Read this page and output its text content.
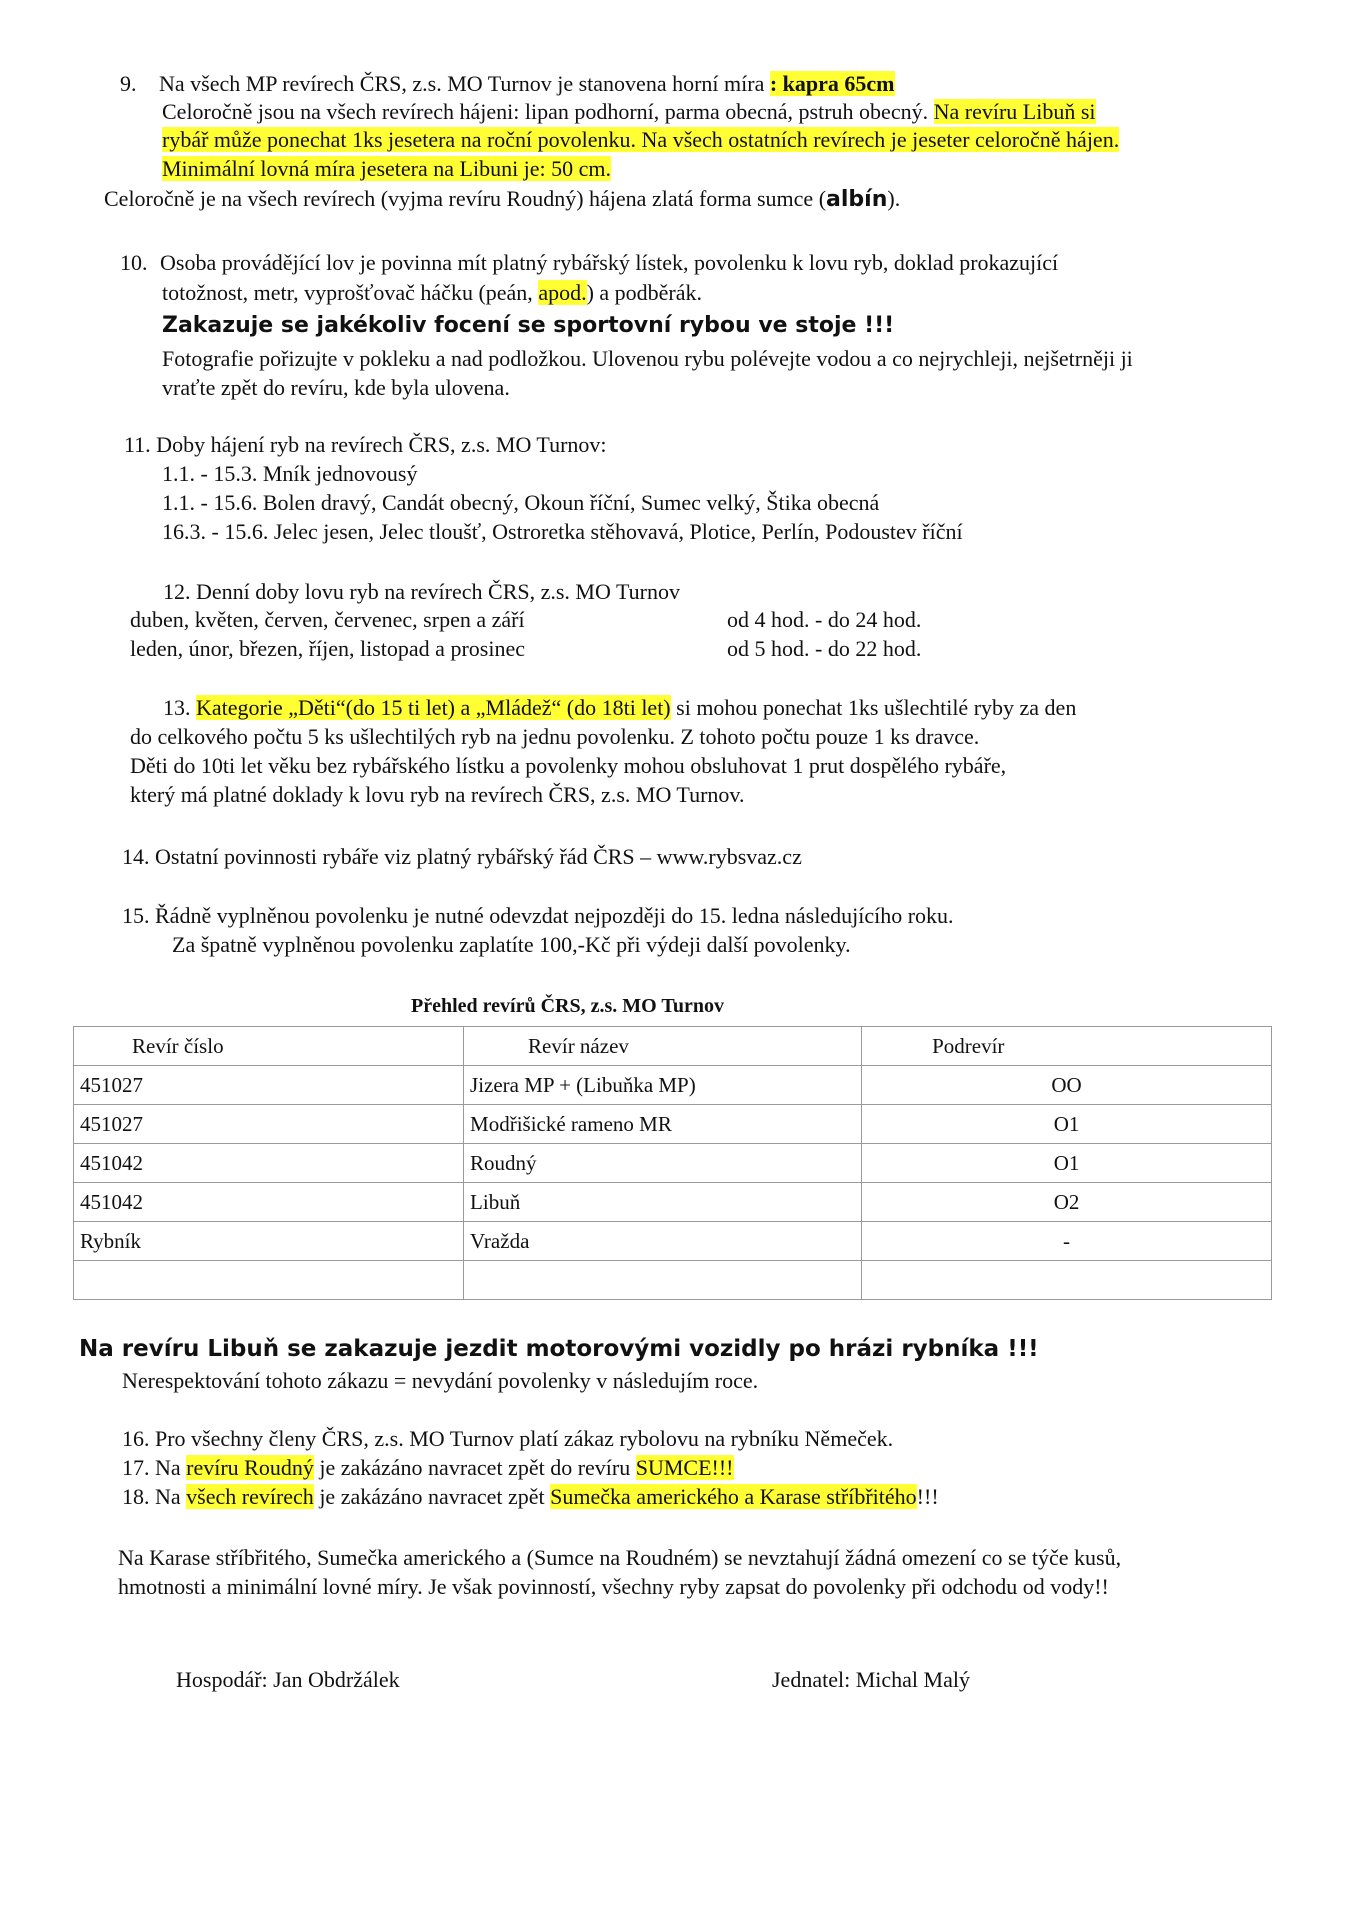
9. Na všech MP revírech ČRS, z.s. MO Turnov je stanovena horní míra : kapra 65cm
Celoročně jsou na všech revírech hájeni: lipan podhorní, parma obecná, pstruh obecný. Na revíru Libuň si
rybář může ponechat 1ks jesetera na roční povolenku. Na všech ostatních revírech je jeseter celoročně hájen.
Minimální lovná míra jesetera na Libuni je: 50 cm.
Celoročně je na všech revírech (vyjma revíru Roudný) hájena zlatá forma sumce (albín).
10. Osoba provádějící lov je povinna mít platný rybářský lístek, povolenku k lovu ryb, doklad prokazující
totožnost, metr, vyprošťovač háčku (peán, apod.) a podběrák.
Zakazuje se jakékoliv focení se sportovní rybou ve stoje !!!
Fotografie pořizujte v pokleku a nad podložkou. Ulovenou rybu polévejte vodou a co nejrychleji, nejšetrněji ji
vraťte zpět do revíru, kde byla ulovena.
11. Doby hájení ryb na revírech ČRS, z.s. MO Turnov:
1.1. - 15.3. Mník jednovousý
1.1. - 15.6. Bolen dravý, Candát obecný, Okoun říční, Sumec velký, Štika obecná
16.3. - 15.6. Jelec jesen, Jelec tloušť, Ostroretka stěhovavá, Plotice, Perlín, Podoustev říční
12. Denní doby lovu ryb na revírech ČRS, z.s. MO Turnov
duben, květen, červen, červenec, srpen a září	od 4 hod. - do 24 hod.
leden, únor, březen, říjen, listopad a prosinec	od 5 hod. - do 22 hod.
13. Kategorie „Děti“(do 15 ti let) a „Mládež“ (do 18ti let) si mohou ponechat 1ks ušlechtilé ryby za den
do celkového počtu 5 ks ušlechtilých ryb na jednu povolenku. Z tohoto počtu pouze 1 ks dravce.
Děti do 10ti let věku bez rybářského lístku a povolenky mohou obsluhovat 1 prut dospělého rybáře,
který má platné doklady k lovu ryb na revírech ČRS, z.s. MO Turnov.
14. Ostatní povinnosti rybáře viz platný rybářský řád ČRS – www.rybsvaz.cz
15. Řádně vyplněnou povolenku je nutné odevzdat nejpozději do 15. ledna následujícího roku.
Za špatně vyplněnou povolenku zaplatíte 100,-Kč při výdeji další povolenky.
Přehled revírů ČRS, z.s. MO Turnov
Revír číslo	Revír název	Podrevír
451027	Jizera MP + (Libuňka MP)	OO
451027	Modřišické rameno MR	O1
451042	Roudný	O1
451042	Libuň	O2
Rybník	Vražda	-

Na revíru Libuň se zakazuje jezdit motorovými vozidly po hrázi rybníka !!!
Nerespektování tohoto zákazu = nevydání povolenky v následujím roce.
16. Pro všechny členy ČRS, z.s. MO Turnov platí zákaz rybolovu na rybníku Němeček.
17. Na revíru Roudný je zakázáno navracet zpět do revíru SUMCE!!!
18. Na všech revírech je zakázáno navracet zpět Sumečka amerického a Karase stříbřitého!!!
Na Karase stříbřitého, Sumečka amerického a (Sumce na Roudném) se nevztahují žádná omezení co se týče kusů,
hmotnosti a minimální lovné míry. Je však povinností, všechny ryby zapsat do povolenky při odchodu od vody!!
Hospodář: Jan Obdržálek	Jednatel: Michal Malý
